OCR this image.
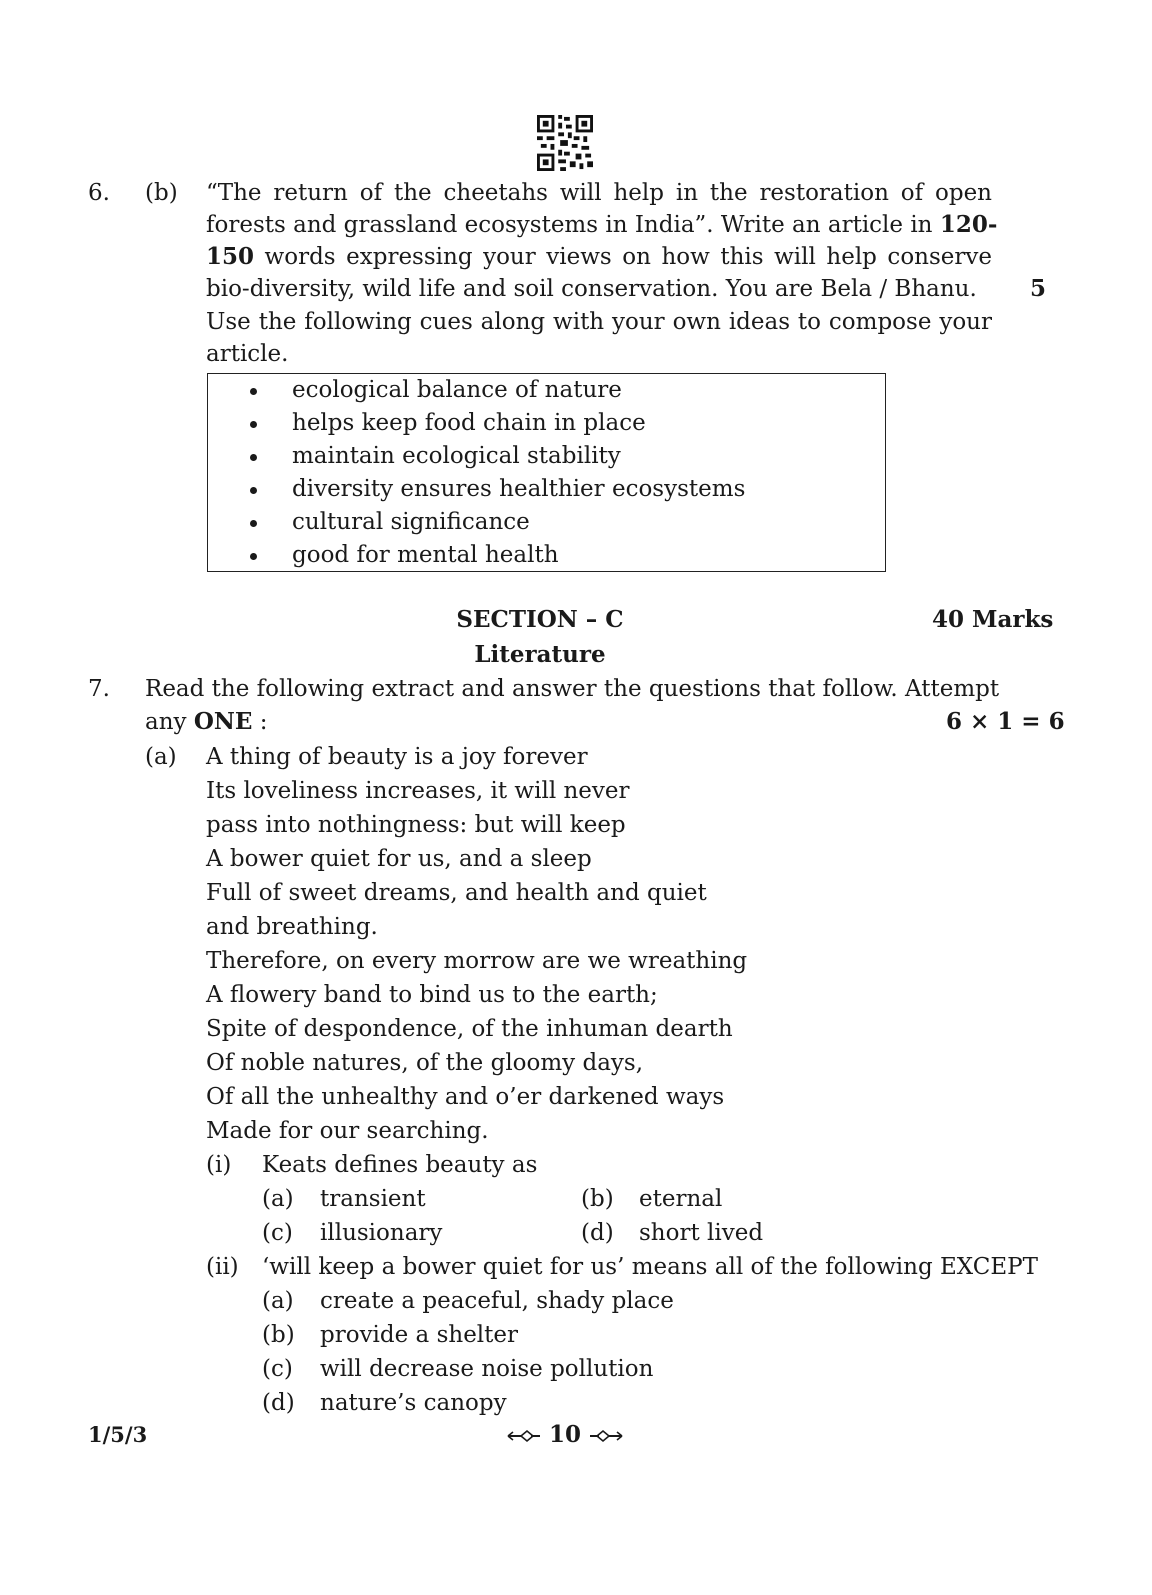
6. (b) “The return of the cheetahs will help in the restoration of open
forests and grassland ecosystems in India”. Write an article in 120-
150 words expressing your views on how this will help conserve
bio-diversity, wild life and soil conservation. You are Bela / Bhanu. 5
Use the following cues along with your own ideas to compose your
article.
ecological balance of nature
helps keep food chain in place
maintain ecological stability
diversity ensures healthier ecosystems
cultural significance
good for mental health
SECTION – C	40 Marks
Literature
7. Read the following extract and answer the questions that follow. Attempt
any ONE :	6 × 1 = 6
(a) A thing of beauty is a joy forever
Its loveliness increases, it will never
pass into nothingness: but will keep
A bower quiet for us, and a sleep
Full of sweet dreams, and health and quiet
and breathing.
Therefore, on every morrow are we wreathing
A flowery band to bind us to the earth;
Spite of despondence, of the inhuman dearth
Of noble natures, of the gloomy days,
Of all the unhealthy and o’er darkened ways
Made for our searching.
(i) Keats defines beauty as
(a) transient	(b) eternal
(c) illusionary	(d) short lived
(ii) ‘will keep a bower quiet for us’ means all of the following EXCEPT
(a) create a peaceful, shady place
(b) provide a shelter
(c) will decrease noise pollution
(d) nature’s canopy
1/5/3	10
